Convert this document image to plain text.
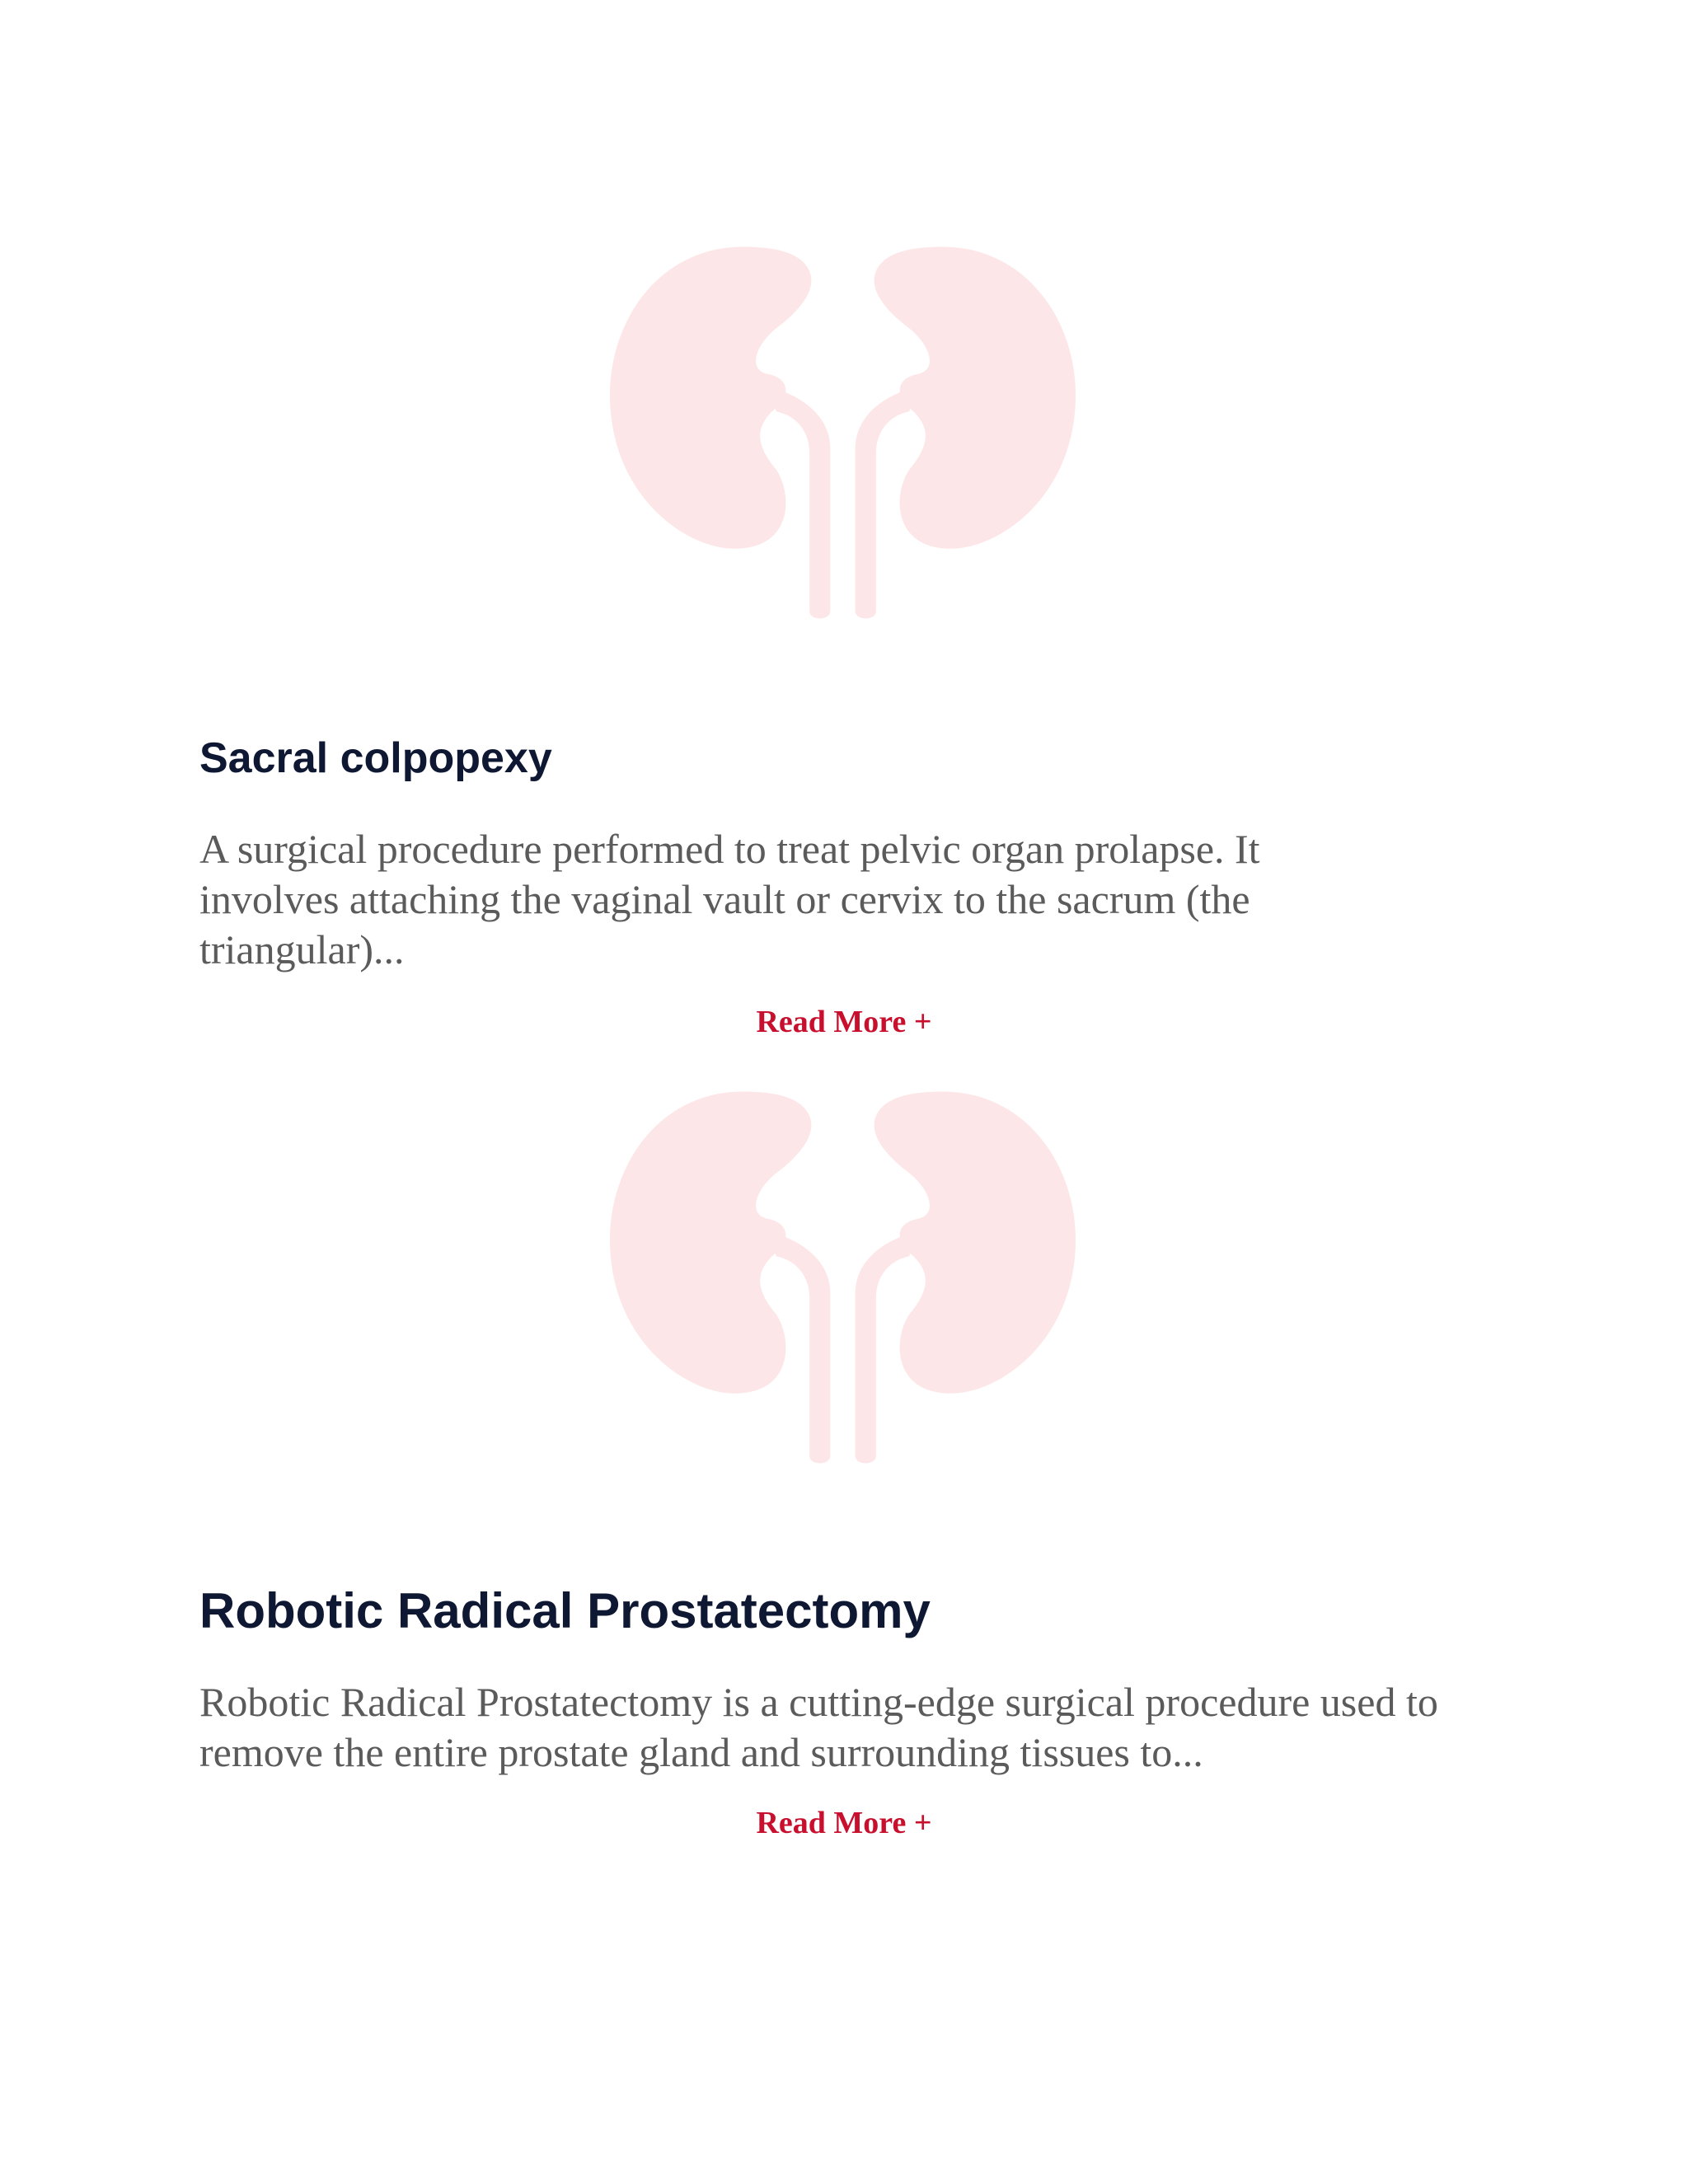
Sacral colpopexy

A surgical procedure performed to treat pelvic organ prolapse. It involves attaching the vaginal vault or cervix to the sacrum (the triangular)...

Read More +
Robotic Radical Prostatectomy

Robotic Radical Prostatectomy is a cutting-edge surgical procedure used to remove the entire prostate gland and surrounding tissues to...

Read More +
